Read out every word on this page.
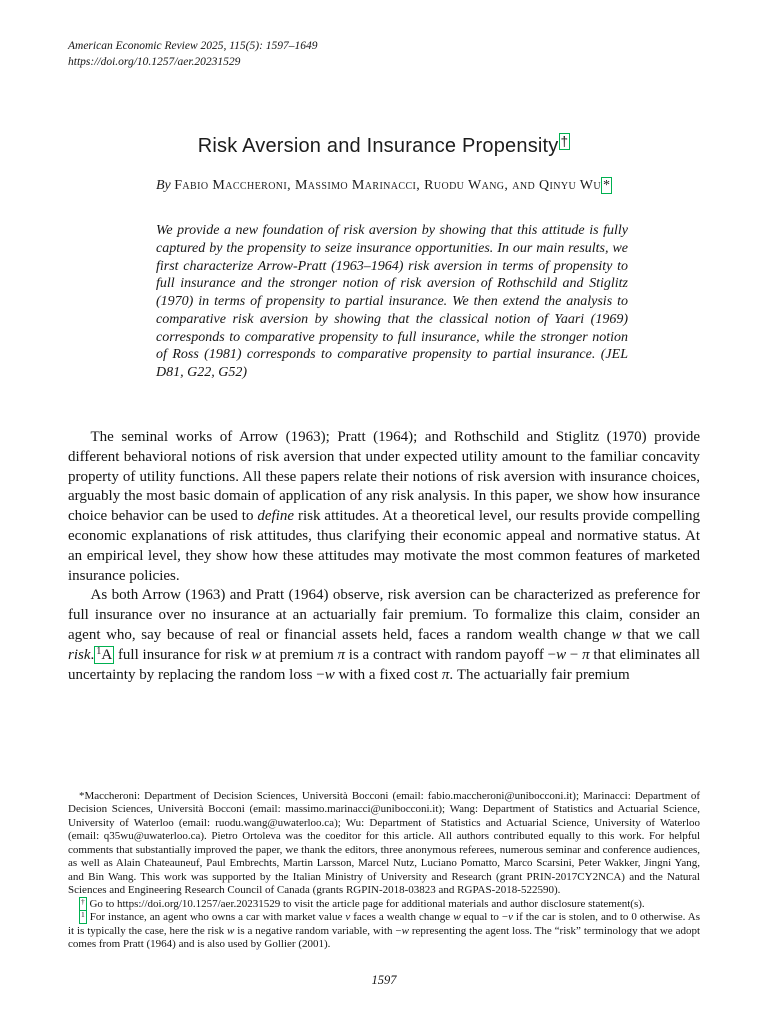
American Economic Review 2025, 115(5): 1597–1649
https://doi.org/10.1257/aer.20231529
Risk Aversion and Insurance Propensity †
By Fabio Maccheroni, Massimo Marinacci, Ruodu Wang, and Qinyu Wu *
We provide a new foundation of risk aversion by showing that this attitude is fully captured by the propensity to seize insurance opportunities. In our main results, we first characterize Arrow-Pratt (1963–1964) risk aversion in terms of propensity to full insurance and the stronger notion of risk aversion of Rothschild and Stiglitz (1970) in terms of propensity to partial insurance. We then extend the analysis to comparative risk aversion by showing that the classical notion of Yaari (1969) corresponds to comparative propensity to full insurance, while the stronger notion of Ross (1981) corresponds to comparative propensity to partial insurance. (JEL D81, G22, G52)

The seminal works of Arrow (1963); Pratt (1964); and Rothschild and Stiglitz (1970) provide different behavioral notions of risk aversion that under expected utility amount to the familiar concavity property of utility functions. All these papers relate their notions of risk aversion with insurance choices, arguably the most basic domain of application of any risk analysis. In this paper, we show how insurance choice behavior can be used to define risk attitudes. At a theoretical level, our results provide compelling economic explanations of risk attitudes, thus clarifying their economic appeal and normative status. At an empirical level, they show how these attitudes may motivate the most common features of marketed insurance policies.

As both Arrow (1963) and Pratt (1964) observe, risk aversion can be characterized as preference for full insurance over no insurance at an actuarially fair premium. To formalize this claim, consider an agent who, say because of real or financial assets held, faces a random wealth change w that we call risk. $^1$A full insurance for risk w at premium π is a contract with random payoff −w − π that eliminates all uncertainty by replacing the random loss −w with a fixed cost π. The actuarially fair premium

*Maccheroni: Department of Decision Sciences, Università Bocconi (email: fabio.maccheroni@unibocconi.it); Marinacci: Department of Decision Sciences, Università Bocconi (email: massimo.marinacci@unibocconi.it); Wang: Department of Statistics and Actuarial Science, University of Waterloo (email: ruodu.wang@uwaterloo.ca); Wu: Department of Statistics and Actuarial Science, University of Waterloo (email: q35wu@uwaterloo.ca). Pietro Ortoleva was the coeditor for this article. All authors contributed equally to this work. For helpful comments that substantially improved the paper, we thank the editors, three anonymous referees, numerous seminar and conference audiences, as well as Alain Chateauneuf, Paul Embrechts, Martin Larsson, Marcel Nutz, Luciano Pomatto, Marco Scarsini, Peter Wakker, Jingni Yang, and Bin Wang. This work was supported by the Italian Ministry of University and Research (grant PRIN-2017CY2NCA) and the Natural Sciences and Engineering Research Council of Canada (grants RGPIN-2018-03823 and RGPAS-2018-522590).

† Go to https://doi.org/10.1257/aer.20231529 to visit the article page for additional materials and author disclosure statement(s).

$^1$ For instance, an agent who owns a car with market value v faces a wealth change w equal to −v if the car is stolen, and to 0 otherwise. As it is typically the case, here the risk w is a negative random variable, with −w representing the agent loss. The “risk” terminology that we adopt comes from Pratt (1964) and is also used by Gollier (2001).

1597
